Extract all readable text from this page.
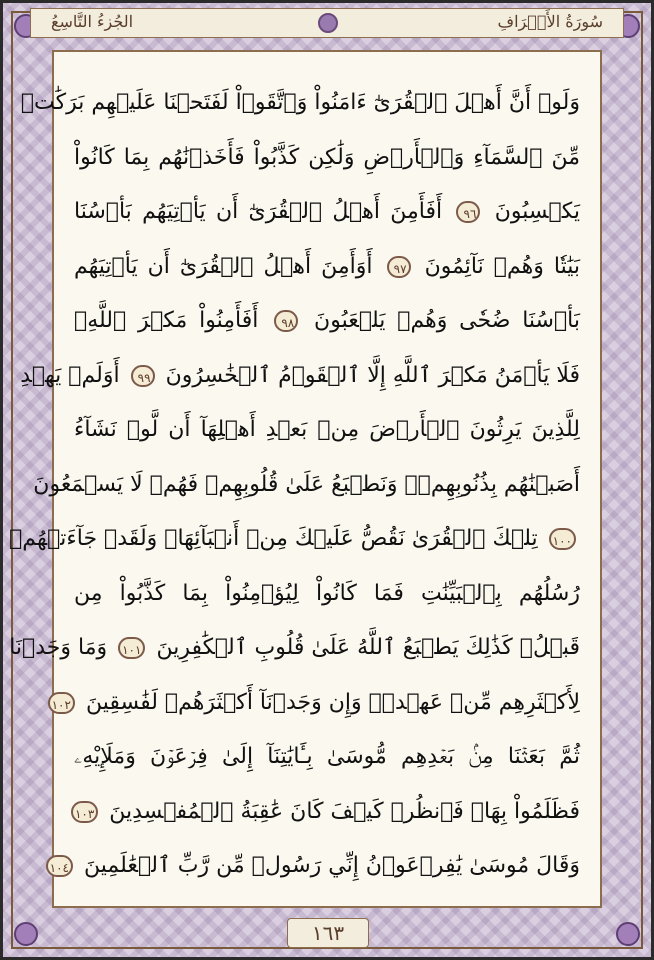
الجُزءُ التَّاسِعُ	سُورَةُ الأَعۡرَافِ
وَلَوۡ أَنَّ أَهۡلَ ٱلۡقُرَىٰٓ ءَامَنُواْ وَٱتَّقَوۡاْ لَفَتَحۡنَا عَلَيۡهِم بَرَكَٰتٖ
مِّنَ ٱلسَّمَآءِ وَٱلۡأَرۡضِ وَلَٰكِن كَذَّبُواْ فَأَخَذۡنَٰهُم بِمَا كَانُواْ
يَكۡسِبُونَ ٩٦ أَفَأَمِنَ أَهۡلُ ٱلۡقُرَىٰٓ أَن يَأۡتِيَهُم بَأۡسُنَا
بَيَٰتٗا وَهُمۡ نَآئِمُونَ ٩٧ أَوَأَمِنَ أَهۡلُ ٱلۡقُرَىٰٓ أَن يَأۡتِيَهُم
بَأۡسُنَا ضُحٗى وَهُمۡ يَلۡعَبُونَ ٩٨ أَفَأَمِنُواْ مَكۡرَ ٱللَّهِۚ
فَلَا يَأۡمَنُ مَكۡرَ ٱللَّهِ إِلَّا ٱلۡقَوۡمُ ٱلۡخَٰسِرُونَ ٩٩ أَوَلَمۡ يَهۡدِ
لِلَّذِينَ يَرِثُونَ ٱلۡأَرۡضَ مِنۢ بَعۡدِ أَهۡلِهَآ أَن لَّوۡ نَشَآءُ
أَصَبۡنَٰهُم بِذُنُوبِهِمۡۚ وَنَطۡبَعُ عَلَىٰ قُلُوبِهِمۡ فَهُمۡ لَا يَسۡمَعُونَ
١٠٠ تِلۡكَ ٱلۡقُرَىٰ نَقُصُّ عَلَيۡكَ مِنۡ أَنۢبَآئِهَاۚ وَلَقَدۡ جَآءَتۡهُمۡ
رُسُلُهُم بِٱلۡبَيِّنَٰتِ فَمَا كَانُواْ لِيُؤۡمِنُواْ بِمَا كَذَّبُواْ مِن
قَبۡلُۚ كَذَٰلِكَ يَطۡبَعُ ٱللَّهُ عَلَىٰ قُلُوبِ ٱلۡكَٰفِرِينَ ١٠١ وَمَا وَجَدۡنَا
لِأَكۡثَرِهِم مِّنۡ عَهۡدٖۖ وَإِن وَجَدۡنَآ أَكۡثَرَهُمۡ لَفَٰسِقِينَ ١٠٢
ثُمَّ بَعَثۡنَا مِنۢ بَعۡدِهِم مُّوسَىٰ بِـَٔايَٰتِنَآ إِلَىٰ فِرۡعَوۡنَ وَمَلَإِيْهِۦ
فَظَلَمُواْ بِهَاۖ فَٱنظُرۡ كَيۡفَ كَانَ عَٰقِبَةُ ٱلۡمُفۡسِدِينَ ١٠٣
وَقَالَ مُوسَىٰ يَٰفِرۡعَوۡنُ إِنِّي رَسُولٞ مِّن رَّبِّ ٱلۡعَٰلَمِينَ ١٠٤
١٦٣
